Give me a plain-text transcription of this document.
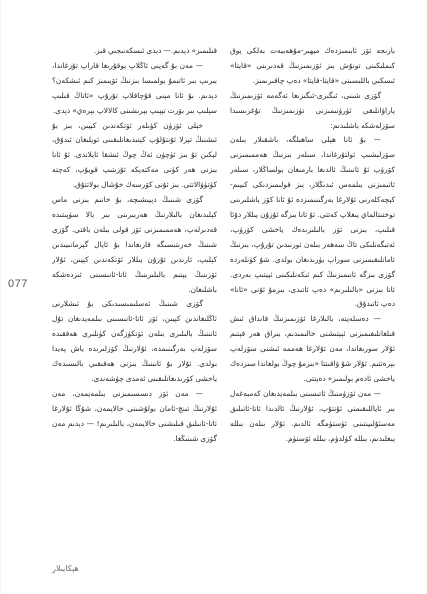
077

بارىجە ئۆز ئابىمىزدەك مېھىر-مۇھەببەت بەلكى يوق كىملىكىنى تونۇش بىز ئۆزىمىزنىڭ قەدىرىنى «قايتا» ئىسكىي باللىسىنى «قايتا-قايتا» دەپ چاقىرىمىز.

گۆزى شىنى، ئىگىزى-ئىگىزىغا ئەگەمە ئۆزىمىزنىڭ ياراۋانلىقى ئۈرۈنىمىزنى تۈزىمىزنىڭ تۇغرىسىدا سۆزلەشكە باشلىدىم:

— بۇ ئانا ھېلى ساھىلگە، باشقىلار بىلەن سۆزلىشىپ ئولتۇرغاندا، سىلەر بىزنىڭ ھەممىمىزنى كۆرۈپ ئۇ ئانىنىڭ ئالدىغا بارمىغان بولساڭلار، سىلەر ئاتىمىزنى بىلمەس ئىدىڭلار، بىز قولىمىزدىكى كىيىم-كېچەكلەرنى ئۇلارغا بەرگىنىمىزدە ئۇ ئانا كۆز ياشلىرىنى توختىتالماي يىغلاپ كەتتى. ئۇ ئانا بىزگە ئۇزۇن يىللار دۇئا قىلىپ، بىزنى ئۆز بالىلىرىدەك ياخشى كۆرۈپ، ئەتىگەنلىكى تاڭ سەھەر بىلەن ئورنىدىن تۇرۇپ، بىزنىڭ ئامانلىقىمىزنى سوراپ يۈرىدىغان بولدى. شۇ كۈنلەردە گۆزى بىزگە ئانىمىزنىڭ كىم ئىكەنلىكىنى ئېيتىپ بەردى. ئانا بىزنى «بالىلىرىم» دەپ ئاتىدى، بىزمۇ ئۇنى «ئانا» دەپ ئاتىدۇق.

— دەسلەپتە، بالىلارغا ئۆزىمىزنىڭ قانداق ئىش قىلغانلىقىمىزنى ئېيتىشنى خالىمىدىم، بىراق ھەر قېتىم ئۇلار سورىغاندا، مەن ئۇلارغا ھەممە ئىشنى سۆزلەپ بېرەتتىم. ئۇلار شۇ ۋاقىتتا «بىزمۇ چوڭ بولغاندا سىزدەك ياخشى ئادەم بولىمىز» دەيتتى.

— مەن ئۆزۈمنىڭ ئاتىسىنى بىلمەيدىغان كەمبەغەل بىر ئاياللىقىمنى ئۇنتۇپ، ئۇلارنىڭ ئالدىدا ئاتا-ئانىلىق مەسئۇلىيىتىنى ئۈستۈمگە ئالدىم. ئۇلار بىلەن بىللە يىغلىدىم، بىللە كۈلدۈم، بىللە ئۆستۈم.

قىلىمىز» دېدىم.— دېدى ئىسكەنىجىي قىز.

— مەن بۇ گەپنى ئاڭلاپ يوقۇرىغا قاراپ تۇرغاندا، بىرىپ بىر ئاتىمۇ بولمىسا بىزنىڭ ئۆيىمىز كىم ئىشكەن؟ دېدىم. بۇ ئانا مېنى قۇچاقلاپ تۇرۇپ «ئاتاڭ قىلىپ سېلىپ بىر بۆرت تېپىپ بېرىشىنى كالالاپ بېرەي» دېدى.

خېلى ئۆزۈن كۈنلەر ئۆتكەندىن كېيىن، بىز بۇ ئىشنىڭ تېزلا ئۇنتۇلۇپ كېتىدىغانلىقىنى ئويلىغان ئىدۇق، لېكىن ئۇ بىز ئۈچۈن ئەڭ چوڭ ئىشقا ئايلاندى. ئۇ ئانا بىزنى ھەر كۈنى مەكتەپكە ئۇزىتىپ قويۇپ، كەچتە كۈتۈۋالاتتى. بىز ئۇنى كۆرسەك خۇشال بولاتتۇق.

گۆزى شىنىڭ دېيىشىچە، بۇ خانىم بىزنى ماس كېلىدىغان بالىلارنىڭ ھەربىرىنى بىر بالا سۈپىتىدە قەدىرلەپ، ھەممىمىزنى ئۆز قولى بىلەن باقتى. گۆزى شىنىڭ خەرىتىسىگە قارىغاندا بۇ ئايال گېرمانىيىدىن كېلىپ، ئارىدىن ئۇزۇن يىللار ئۆتكەندىن كېيىن، ئۇلار ئۆزىنىڭ يېتىم بالىلىرىنىڭ ئاتا-ئانىسىنى ئىزدەشكە باشلىغان.

گۆزى شىنىڭ ئەسلىمىسىدىكى بۇ ئىشلارنى ئاڭلىغاندىن كېيىن، ئۆز ئاتا-ئانىسىنى بىلمەيدىغان تۇل ئانىنىڭ بالىلىرى بىلەن ئۆتكۈزگەن كۈنلىرى ھەققىدە سۆزلەپ بەرگىنىمدە، ئۇلارنىڭ كۆزلىرىدە ياش پەيدا بولدى. ئۇلار بۇ ئانىنىڭ بىزنى ھەقىقىي بالىسىدەك ياخشى كۆرىدىغانلىقىنى ئەمدى چۈشەندى.

— مەن ئۆز دىسسىمىزنى بىلمەيمەن، مەن ئۇلارنىڭ تىنچ-ئامان بولۇشىنى خالايمەن، شۇڭا ئۇلارغا ئاتا-ئانىلىق قىلىشنى خالايمەن، بالىلىرىم! — دېدىم مەن گۆزى شىنىڭغا.

ھېكايىلار
